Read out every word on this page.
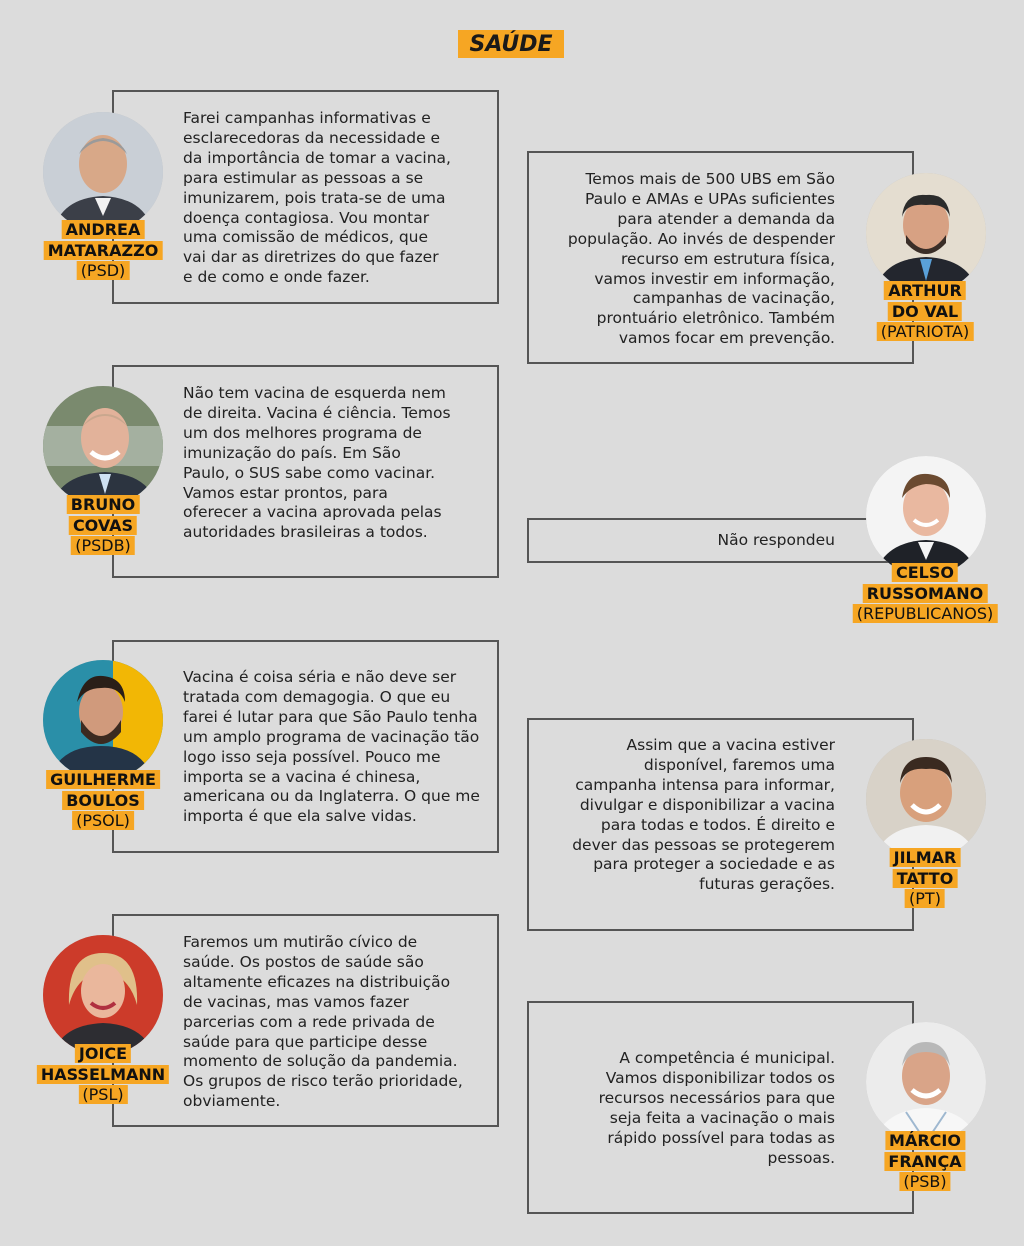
SAÚDE
Farei campanhas informativas e esclarecedoras da necessidade e da importância de tomar a vacina, para estimular as pessoas a se imunizarem, pois trata-se de uma doença contagiosa. Vou montar uma comissão de médicos, que vai dar as diretrizes do que fazer e de como e onde fazer.
ANDREA
MATARAZZO
(PSD)
Temos mais de 500 UBS em São Paulo e AMAs e UPAs suficientes para atender a demanda da população. Ao invés de despender recurso em estrutura física, vamos investir em informação, campanhas de vacinação, prontuário eletrônico. Também vamos focar em prevenção.
ARTHUR
DO VAL
(PATRIOTA)
Não tem vacina de esquerda nem de direita. Vacina é ciência. Temos um dos melhores programa de imunização do país. Em São Paulo, o SUS sabe como vacinar. Vamos estar prontos, para oferecer a vacina aprovada pelas autoridades brasileiras a todos.
BRUNO
COVAS
(PSDB)	Não respondeu
CELSO
RUSSOMANO
(REPUBLICANOS)
Vacina é coisa séria e não deve ser tratada com demagogia. O que eu farei é lutar para que São Paulo tenha um amplo programa de vacinação tão logo isso seja possível. Pouco me importa se a vacina é chinesa, americana ou da Inglaterra. O que me importa é que ela salve vidas.
GUILHERME
BOULOS
(PSOL)
Assim que a vacina estiver disponível, faremos uma campanha intensa para informar, divulgar e disponibilizar a vacina para todas e todos. É direito e dever das pessoas se protegerem para proteger a sociedade e as futuras gerações.
JILMAR
TATTO
(PT)
Faremos um mutirão cívico de saúde. Os postos de saúde são altamente eficazes na distribuição de vacinas, mas vamos fazer parcerias com a rede privada de saúde para que participe desse momento de solução da pandemia. Os grupos de risco terão prioridade, obviamente.
JOICE
HASSELMANN
(PSL)
A competência é municipal. Vamos disponibilizar todos os recursos necessários para que seja feita a vacinação o mais rápido possível para todas as pessoas.
MÁRCIO
FRANÇA
(PSB)
